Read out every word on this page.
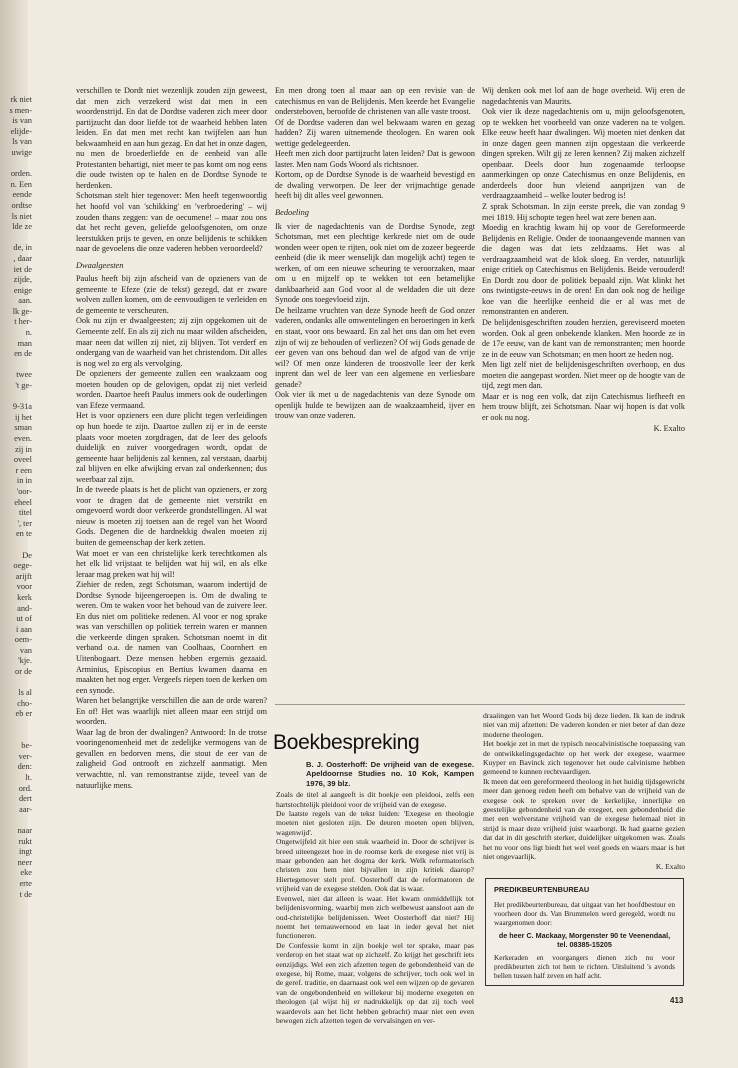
rk niet
s men-
is van
elijde-
ls van
uwige
orden.
n. Een
eende
ordtse
ls niet
lde ze
de, in
, daar
iet de
zijde,
enige
aan.
lk ge-
t her-
n.
man
en de
twee
't ge-
9-31a
ij het
sman
even.
zij in
oveel
r een
in in
'oor-
eheel
titel
', ter
en te
De
oege-
arijft
voor
kerk
and-
ut of
i aan
oem-
van
'kje.
or de
ls al
cho-
eb er
be-
ver-
den:
lt.
ord.
dert
aar-
naar
rukt
ingt
neer
eke
erte
t de

verschillen te Dordt niet wezenlijk zouden zijn geweest, dat men zich verzekerd wist dat men in een woordenstrijd. En dat de Dordtse vaderen zich meer door partijzucht dan door liefde tot de waarheid hebben laten leiden. En dat men met recht kan twijfelen aan hun bekwaamheid en aan hun gezag. En dat het in onze dagen, nu men de broederliefde en de eenheid van alle Protestanten behartigt, niet meer te pas komt om nog eens die oude twisten op te halen en de Dordtse Synode te herdenken.

Schotsman stelt hier tegenover: Men heeft tegenwoordig het hoofd vol van 'schikking' en 'verbroedering' – wij zouden thans zeggen: van de oecumene! – maar zou ons dat het recht geven, geliefde geloofsgenoten, om onze leerstukken prijs te geven, en onze belijdenis te schikken naar de gevoelens die onze vaderen hebben veroordeeld?

Dwaalgeesten

Paulus heeft bij zijn afscheid van de opzieners van de gemeente te Efeze (zie de tekst) gezegd, dat er zware wolven zullen komen, om de eenvoudigen te verleiden en de gemeente te verscheuren.

Ook nu zijn er dwaalgeesten; zij zijn opgekomen uit de Gemeente zelf. En als zij zich nu maar wilden afscheiden, maar neen dat willen zij niet, zij blijven. Tot verderf en ondergang van de waarheid van het christendom. Dit alles is nog wel zo erg als vervolging.

De opzieners der gemeente zullen een waakzaam oog moeten houden op de gelovigen, opdat zij niet verleid worden. Daartoe heeft Paulus immers ook de ouderlingen van Efeze vermaand.

Het is voor opzieners een dure plicht tegen verleidingen op hun hoede te zijn. Daartoe zullen zij er in de eerste plaats voor moeten zorgdragen, dat de leer des geloofs duidelijk en zuiver voorgedragen wordt, opdat de gemeente haar belijdenis zal kennen, zal verstaan, daarbij zal blijven en elke afwijking ervan zal onderkennen; dus weerbaar zal zijn.

In de tweede plaats is het de plicht van opzieners, er zorg voor te dragen dat de gemeente niet verstrikt en omgevoerd wordt door verkeerde grondstellingen. Al wat nieuw is moeten zij toetsen aan de regel van het Woord Gods. Degenen die de hardnekkig dwalen moeten zij buiten de gemeenschap der kerk zetten.

Wat moet er van een christelijke kerk terechtkomen als het elk lid vrijstaat te belijden wat hij wil, en als elke leraar mag preken wat hij wil!

Ziehier de reden, zegt Schotsman, waarom indertijd de Dordtse Synode bijeengeroepen is. Om de dwaling te weren. Om te waken voor het behoud van de zuivere leer. En dus niet om politieke redenen. Al voor er nog sprake was van verschillen op politiek terrein waren er mannen die verkeerde dingen spraken. Schotsman noemt in dit verband o.a. de namen van Coolhaas, Coornhert en Uitenbogaart. Deze mensen hebben ergernis gezaaid. Arminius, Episcopius en Bertius kwamen daarna en maakten het nog erger. Vergeefs riepen toen de kerken om een synode.

Waren het belangrijke verschillen die aan de orde waren? En of! Het was waarlijk niet alleen maar een strijd om woorden.

Waar lag de bron der dwalingen? Antwoord: In de trotse vooringenomenheid met de zedelijke vermogens van de gevallen en bedorven mens, die stout de eer van de zaligheid God ontrooft en zichzelf aanmatigt. Men verwachtte, nl. van remonstrantse zijde, teveel van de natuurlijke mens.

En men drong toen al maar aan op een revisie van de catechismus en van de Belijdenis. Men keerde het Evangelie ondersteboven, beroofde de christenen van alle vaste troost.

Of de Dordtse vaderen dan wel bekwaam waren en gezag hadden? Zij waren uitnemende theologen. En waren ook wettige gedelegeerden.

Heeft men zich door partijzucht laten leiden? Dat is gewoon laster. Men nam Gods Woord als richtsnoer.

Kortom, op de Dordtse Synode is de waarheid bevestigd en de dwaling verworpen. De leer der vrijmachtige genade heeft bij dit alles veel gewonnen.

Bedoeling

Ik vier de nagedachtenis van de Dordtse Synode, zegt Schotsman, met een plechtige kerkrede niet om de oude wonden weer open te rijten, ook niet om de zozeer begeerde eenheid (die ik meer wenselijk dan mogelijk acht) tegen te werken, of om een nieuwe scheuring te veroorzaken, maar om u en mijzelf op te wekken tot een betamelijke dankbaarheid aan God voor al de weldaden die uit deze Synode ons toegevloeid zijn.

De heilzame vruchten van deze Synode heeft de God onzer vaderen, ondanks alle omwentelingen en beroeringen in kerk en staat, voor ons bewaard. En zal het ons dan om het even zijn of wij ze behouden of verliezen? Of wij Gods genade de eer geven van ons behoud dan wel de afgod van de vrije wil? Of men onze kinderen de troostvolle leer der kerk inprent dan wel de leer van een algemene en verliesbare genade?

Ook vier ik met u de nagedachtenis van deze Synode om openlijk hulde te bewijzen aan de waakzaamheid, ijver en trouw van onze vaderen.

Wij denken ook met lof aan de hoge overheid. Wij eren de nagedachtenis van Maurits.

Ook vier ik deze nagedachtenis om u, mijn geloofsgenoten, op te wekken het voorbeeld van onze vaderen na te volgen. Elke eeuw heeft haar dwalingen. Wij moeten niet denken dat in onze dagen geen mannen zijn opgestaan die verkeerde dingen spreken. Wilt gij ze leren kennen? Zij maken zichzelf openbaar. Deels door hun zogenaamde terloopse aanmerkingen op onze Catechismus en onze Belijdenis, en anderdeels door hun vleiend aanprijzen van de verdraagzaamheid – welke louter bedrog is!

Z sprak Schotsman. In zijn eerste preek, die van zondag 9 mei 1819. Hij schopte tegen heel wat zere benen aan.

Moedig en krachtig kwam hij op voor de Gereformeerde Belijdenis en Religie. Onder de toonaangevende mannen van die dagen was dat iets zeldzaams. Het was al verdraagzaamheid wat de klok sloeg. En verder, natuurlijk enige critiek op Catechismus en Belijdenis. Beide verouderd! En Dordt zou door de politiek bepaald zijn. Wat klinkt het ons twintigste-eeuws in de oren! En dan ook nog de heilige koe van die heerlijke eenheid die er al was met de remonstranten en anderen.

De belijdenisgeschriften zouden herzien, gereviseerd moeten worden. Ook al geen onbekende klanken. Men hoorde ze in de 17e eeuw, van de kant van de remonstranten; men hoorde ze in de eeuw van Schotsman; en men hoort ze heden nog.

Men ligt zelf niet de belijdenisgeschriften overhoop, en dus moeten die aangepast worden. Niet meer op de hoogte van de tijd, zegt men dan.

Maar er is nog een volk, dat zijn Catechismus liefheeft en hem trouw blijft, zei Schotsman. Naar wij hopen is dat volk er ook nu nog.

K. Exalto

Boekbespreking

B. J. Oosterhoff: De vrijheid van de exegese. Apeldoornse Studies no. 10 Kok, Kampen 1976, 39 blz.

Zoals de titel al aangeeft is dit boekje een pleidooi, zelfs een hartstochtelijk pleidooi voor de vrijheid van de exegese.

De laatste regels van de tekst luiden: 'Exegese en theologie moeten niet gesloten zijn. De deuren moeten open blijven, wagenwijd'.

Ongetwijfeld zit hier een stuk waarheid in. Door de schrijver is breed uiteengezet hoe in de roomse kerk de exegese niet vrij is maar gebonden aan het dogma der kerk. Welk reformatorisch christen zou hem niet bijvallen in zijn kritiek daarop? Hiertegenover stelt prof. Oosterhoff dat de reformatoren de vrijheid van de exegese stelden. Ook dat is waar.

Evenwel, niet dat alleen is waar. Het kwam onmiddellijk tot belijdenisvorming, waarbij men zich welbewust aansloot aan de oud-christelijke belijdenissen. Weet Oosterhoff dat niet? Hij noemt het ternauwernood en laat in ieder geval het niet functioneren.

De Confessie komt in zijn boekje wel ter sprake, maar pas verderop en het staat wat op zichzelf. Zo krijgt het geschrift iets eenzijdigs. Wel een zich afzetten tegen de gebondenheid van de exegese, bij Rome, maar, volgens de schrijver, toch ook wel in de geref. traditie, en daarnaast ook wel een wijzen op de gevaren van de ongebondenheid en willekeur bij moderne exegeten en theologen (al wijst hij er nadrukkelijk op dat zij toch veel waardevols aan het licht hebben gebracht) maar niet een even bewogen zich afzetten tegen de vervalsingen en ver-

draaiingen van het Woord Gods bij deze lieden. Ik kan de indruk niet van mij afzetten: De vaderen konden er niet beter af dan deze moderne theologen.

Het boekje zet in met de typisch neocalvinistische toepassing van de ontwikkelingsgedachte op het werk der exegese, waarmee Kuyper en Bavinck zich tegenover het oude calvinisme hebben gemeend te kunnen rechtvaardigen.

Ik meen dat een gereformeerd theoloog in het huidig tijdsgewricht meer dan genoeg reden heeft om behalve van de vrijheid van de exegese ook te spreken over de kerkelijke, innerlijke en geestelijke gebondenheid van de exegeet, een gebondenheid die met een welverstane vrijheid van de exegese helemaal niet in strijd is maar deze vrijheid juist waarborgt. Ik had gaarne gezien dat dat in dit geschrift sterker, duidelijker uitgekomen was. Zoals het nu voor ons ligt biedt het wel veel goeds en waars maar is het niet ongevaarlijk.

K. Exalto

PREDIKBEURTENBUREAU

Het predikbeurtenbureau, dat uitgaat van het hoofdbestuur en voorheen door ds. Van Brummelen werd geregeld, wordt nu waargenomen door:

de heer C. Mackaay, Morgenster 90 te Veenendaal, tel. 08385-15205

Kerkeraden en voorgangers dienen zich nu voor predikbeurten zich tot hem te richten. Uitsluitend 's avonds bellen tussen half zeven en half acht.

413
